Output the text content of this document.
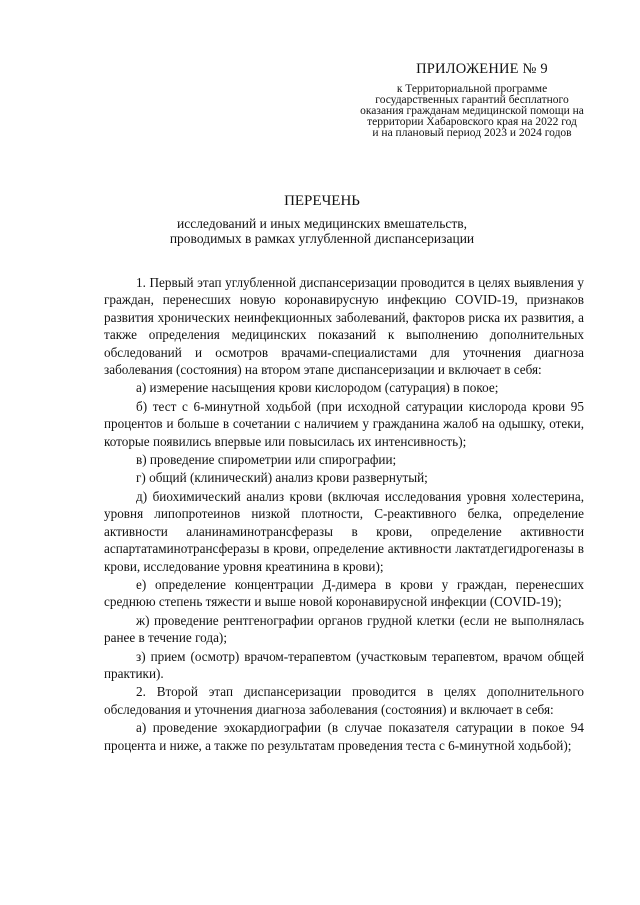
ПРИЛОЖЕНИЕ № 9
к Территориальной программе
государственных гарантий бесплатного
оказания гражданам медицинской помощи на
территории Хабаровского края на 2022 год
и на плановый период 2023 и 2024 годов
ПЕРЕЧЕНЬ
исследований и иных медицинских вмешательств,
проводимых в рамках углубленной диспансеризации

1. Первый этап углубленной диспансеризации проводится в целях выявления у граждан, перенесших новую коронавирусную инфекцию COVID-19, признаков развития хронических неинфекционных заболеваний, факторов риска их развития, а также определения медицинских показаний к выполнению дополнительных обследований и осмотров врачами-специалистами для уточнения диагноза заболевания (состояния) на втором этапе диспансеризации и включает в себя:

а) измерение насыщения крови кислородом (сатурация) в покое;

б) тест с 6-минутной ходьбой (при исходной сатурации кислорода крови 95 процентов и больше в сочетании с наличием у гражданина жалоб на одышку, отеки, которые появились впервые или повысилась их интенсивность);

в) проведение спирометрии или спирографии;

г) общий (клинический) анализ крови развернутый;

д) биохимический анализ крови (включая исследования уровня холестерина, уровня липопротеинов низкой плотности, С-реактивного белка, определение активности аланинаминотрансферазы в крови, определение активности аспартатаминотрансферазы в крови, определение активности лактатдегидрогеназы в крови, исследование уровня креатинина в крови);

е) определение концентрации Д-димера в крови у граждан, перенесших среднюю степень тяжести и выше новой коронавирусной инфекции (COVID-19);

ж) проведение рентгенографии органов грудной клетки (если не выполнялась ранее в течение года);

з) прием (осмотр) врачом-терапевтом (участковым терапевтом, врачом общей практики).

2. Второй этап диспансеризации проводится в целях дополнительного обследования и уточнения диагноза заболевания (состояния) и включает в себя:

а) проведение эхокардиографии (в случае показателя сатурации в покое 94 процента и ниже, а также по результатам проведения теста с 6-минутной ходьбой);
